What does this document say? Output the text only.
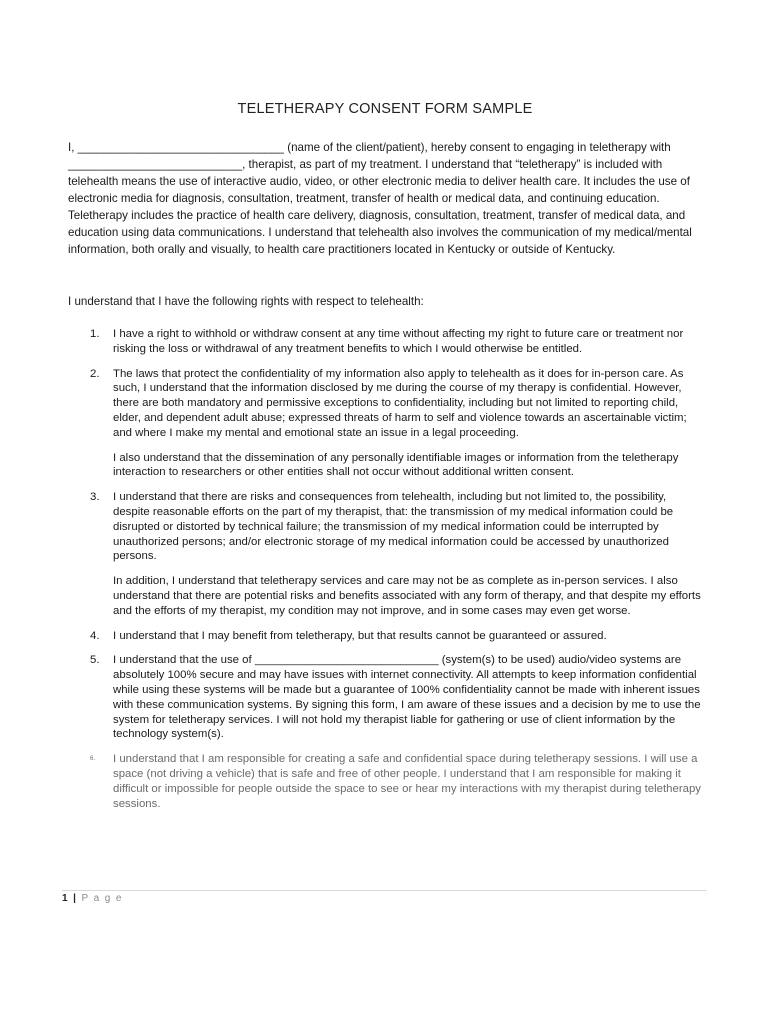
TELETHERAPY CONSENT FORM SAMPLE

I, ________________________________ (name of the client/patient), hereby consent to engaging in teletherapy with ___________________________, therapist, as part of my treatment. I understand that “teletherapy” is included with telehealth means the use of interactive audio, video, or other electronic media to deliver health care. It includes the use of electronic media for diagnosis, consultation, treatment, transfer of health or medical data, and continuing education. Teletherapy includes the practice of health care delivery, diagnosis, consultation, treatment, transfer of medical data, and education using data communications. I understand that telehealth also involves the communication of my medical/mental information, both orally and visually, to health care practitioners located in Kentucky or outside of Kentucky.

I understand that I have the following rights with respect to telehealth:

1.	I have a right to withhold or withdraw consent at any time without affecting my right to future care or treatment nor risking the loss or withdrawal of any treatment benefits to which I would otherwise be entitled.

2.	The laws that protect the confidentiality of my information also apply to telehealth as it does for in-person care. As such, I understand that the information disclosed by me during the course of my therapy is confidential. However, there are both mandatory and permissive exceptions to confidentiality, including but not limited to reporting child, elder, and dependent adult abuse; expressed threats of harm to self and violence towards an ascertainable victim; and where I make my mental and emotional state an issue in a legal proceeding.

I also understand that the dissemination of any personally identifiable images or information from the teletherapy interaction to researchers or other entities shall not occur without additional written consent.

3.	I understand that there are risks and consequences from telehealth, including but not limited to, the possibility, despite reasonable efforts on the part of my therapist, that: the transmission of my medical information could be disrupted or distorted by technical failure; the transmission of my medical information could be interrupted by unauthorized persons; and/or electronic storage of my medical information could be accessed by unauthorized persons.

In addition, I understand that teletherapy services and care may not be as complete as in-person services. I also understand that there are potential risks and benefits associated with any form of therapy, and that despite my efforts and the efforts of my therapist, my condition may not improve, and in some cases may even get worse.

4.	I understand that I may benefit from teletherapy, but that results cannot be guaranteed or assured.

5.	I understand that the use of _____________________________ (system(s) to be used) audio/video systems are absolutely 100% secure and may have issues with internet connectivity. All attempts to keep information confidential while using these systems will be made but a guarantee of 100% confidentiality cannot be made with inherent issues with these communication systems. By signing this form, I am aware of these issues and a decision by me to use the system for teletherapy services. I will not hold my therapist liable for gathering or use of client information by the technology system(s).

6.	I understand that I am responsible for creating a safe and confidential space during teletherapy sessions. I will use a space (not driving a vehicle) that is safe and free of other people. I understand that I am responsible for making it difficult or impossible for people outside the space to see or hear my interactions with my therapist during teletherapy sessions.

1 | P a g e
